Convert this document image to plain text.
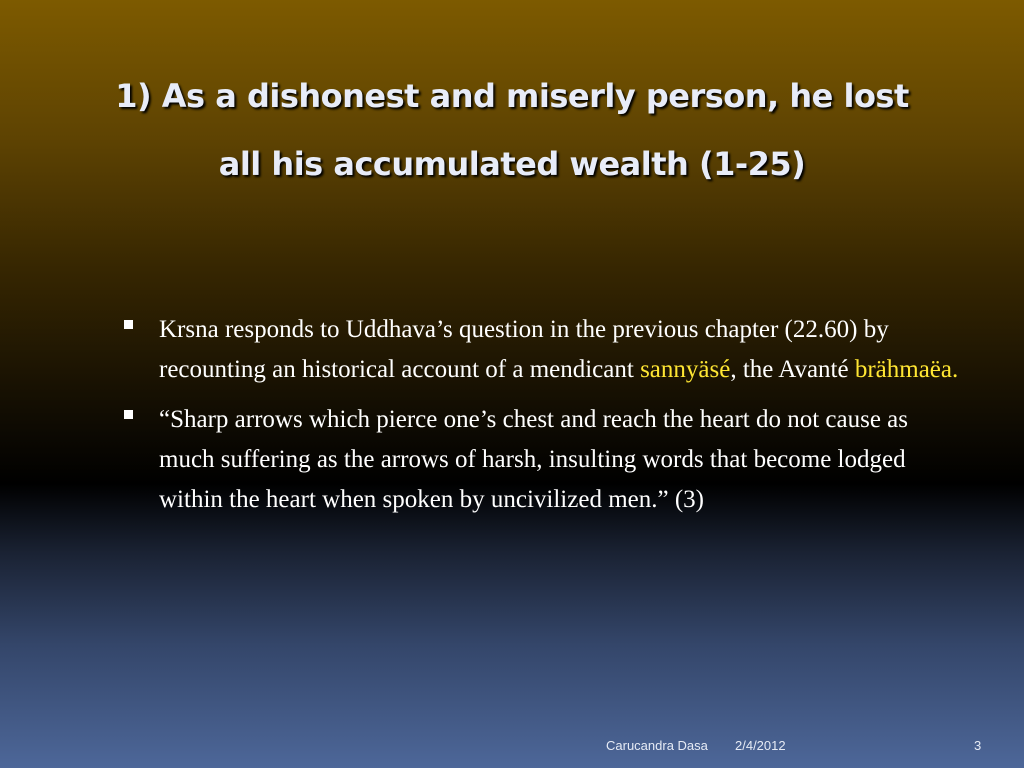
1) As a dishonest and miserly person, he lost
all his accumulated wealth (1-25)
Krsna responds to Uddhava’s question in the previous chapter (22.60) by recounting an historical account of a mendicant sannyäsé, the Avanté brähmaëa.
“Sharp arrows which pierce one’s chest and reach the heart do not cause as much suffering as the arrows of harsh, insulting words that become lodged within the heart when spoken by uncivilized men.” (3)
Carucandra Dasa 2/4/2012	3
